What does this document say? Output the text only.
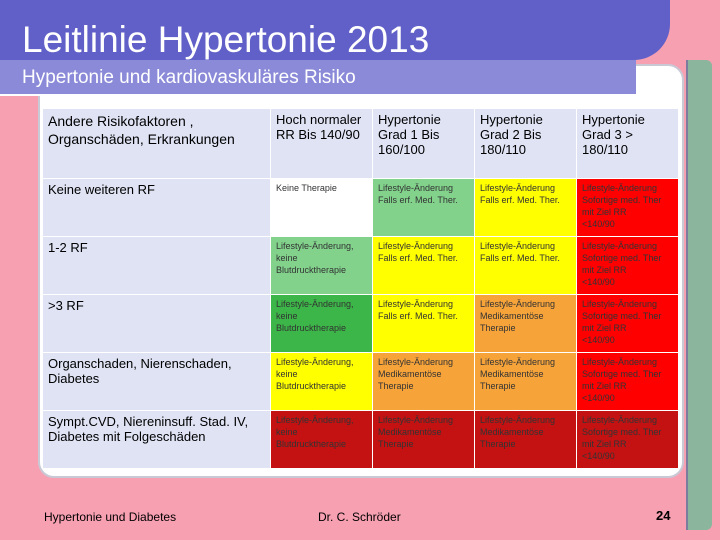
Leitlinie Hypertonie 2013
Hypertonie und kardiovaskuläres Risiko
Andere Risikofaktoren , Organschäden, Erkrankungen	Hoch normaler RR Bis 140/90	Hypertonie Grad 1 Bis 160/100	Hypertonie Grad 2 Bis 180/110	Hypertonie Grad 3 > 180/110
Keine weiteren RF	Keine Therapie	Lifestyle-Änderung
Falls erf. Med. Ther.	Lifestyle-Änderung
Falls erf. Med. Ther.	Lifestyle-Änderung
Sofortige med. Ther
mit Ziel RR
<140/90
1-2 RF	Lifestyle-Änderung,
keine
Blutdrucktherapie	Lifestyle-Änderung
Falls erf. Med. Ther.	Lifestyle-Änderung
Falls erf. Med. Ther.	Lifestyle-Änderung
Sofortige med. Ther
mit Ziel RR
<140/90
>3 RF	Lifestyle-Änderung,
keine
Blutdrucktherapie	Lifestyle-Änderung
Falls erf. Med. Ther.	Lifestyle-Änderung
Medikamentöse
Therapie	Lifestyle-Änderung
Sofortige med. Ther
mit Ziel RR
<140/90
Organschaden, Nierenschaden, Diabetes	Lifestyle-Änderung,
keine
Blutdrucktherapie	Lifestyle-Änderung
Medikamentöse
Therapie	Lifestyle-Änderung
Medikamentöse
Therapie	Lifestyle-Änderung
Sofortige med. Ther
mit Ziel RR
<140/90
Sympt.CVD, Niereninsuff. Stad. IV, Diabetes mit Folgeschäden	Lifestyle-Änderung,
keine
Blutdrucktherapie	Lifestyle-Änderung
Medikamentöse
Therapie	Lifestyle-Änderung
Medikamentöse
Therapie	Lifestyle-Änderung
Sofortige med. Ther
mit Ziel RR
<140/90
Hypertonie und Diabetes	Dr. C. Schröder	24
